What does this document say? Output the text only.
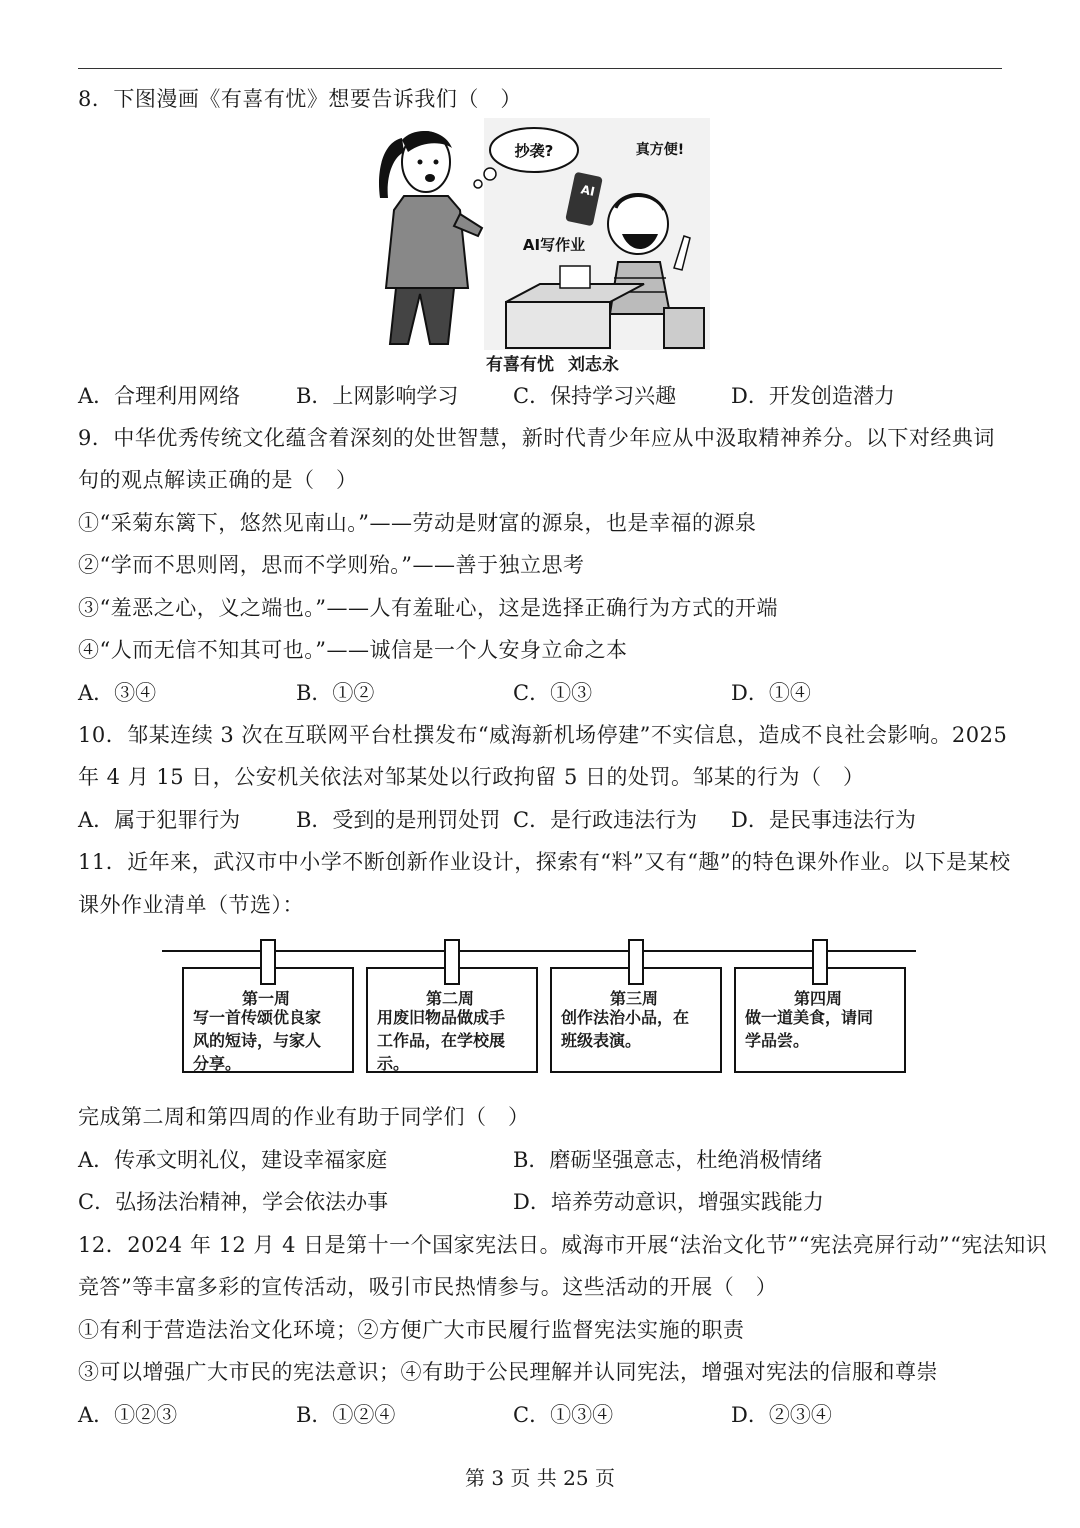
8．下图漫画《有喜有忧》想要告诉我们（　）
抄袭?	真方便!
AI
AI写作业
有喜有忧 刘志永
A．合理利用网络	B．上网影响学习	C．保持学习兴趣	D．开发创造潜力
9．中华优秀传统文化蕴含着深刻的处世智慧，新时代青少年应从中汲取精神养分。以下对经典词
句的观点解读正确的是（　）
①“采菊东篱下，悠然见南山。”——劳动是财富的源泉，也是幸福的源泉
②“学而不思则罔，思而不学则殆。”——善于独立思考
③“羞恶之心，义之端也。”——人有羞耻心，这是选择正确行为方式的开端
④“人而无信不知其可也。”——诚信是一个人安身立命之本
A．③④	B．①②	C．①③	D．①④
10．邹某连续 3 次在互联网平台杜撰发布“威海新机场停建”不实信息，造成不良社会影响。2025
年 4 月 15 日，公安机关依法对邹某处以行政拘留 5 日的处罚。邹某的行为（　）
A．属于犯罪行为	B．受到的是刑罚处罚 C．是行政违法行为 D．是民事违法行为
11．近年来，武汉市中小学不断创新作业设计，探索有“料”又有“趣”的特色课外作业。以下是某校
课外作业清单（节选）：
第一周
写一首传颂优良家
风的短诗，与家人
分享。
第二周
用废旧物品做成手
工作品，在学校展
示。
第三周
创作法治小品，在
班级表演。
第四周
做一道美食，请同
学品尝。
完成第二周和第四周的作业有助于同学们（　）
A．传承文明礼仪，建设幸福家庭	B．磨砺坚强意志，杜绝消极情绪
C．弘扬法治精神，学会依法办事	D．培养劳动意识，增强实践能力
12．2024 年 12 月 4 日是第十一个国家宪法日。威海市开展“法治文化节”“宪法亮屏行动”“宪法知识
竞答”等丰富多彩的宣传活动，吸引市民热情参与。这些活动的开展（　）
①有利于营造法治文化环境；②方便广大市民履行监督宪法实施的职责
③可以增强广大市民的宪法意识；④有助于公民理解并认同宪法，增强对宪法的信服和尊崇
A．①②③	B．①②④	C．①③④	D．②③④
第 3 页 共 25 页
